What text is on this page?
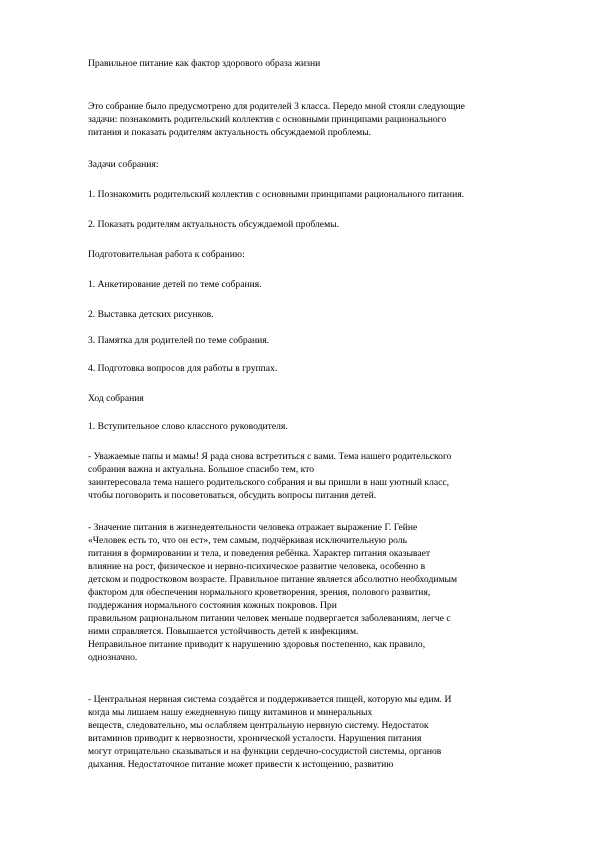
Правильное питание как фактор здорового образа жизни

Это собрание было предусмотрено для родителей 3 класса. Передо мной стояли следующие
задачи: познакомить родительский коллектив с основными принципами рационального
питания и показать родителям актуальность обсуждаемой проблемы.

Задачи собрания:

1. Познакомить родительский коллектив с основными принципами рационального питания.

2. Показать родителям актуальность обсуждаемой проблемы.

Подготовительная работа к собранию:

1. Анкетирование детей по теме собрания.

2. Выставка детских рисунков.

3. Памятка для родителей по теме собрания.

4. Подготовка вопросов для работы в группах.

Ход собрания

1. Вступительное слово классного руководителя.

- Уважаемые папы и мамы! Я рада снова встретиться с вами. Тема нашего родительского
собрания важна и актуальна. Большое спасибо тем, кто
заинтересовала тема нашего родительского собрания и вы пришли в наш уютный класс,
чтобы поговорить и посоветоваться, обсудить вопросы питания детей.

- Значение питания в жизнедеятельности человека отражает выражение Г. Гейне
«Человек есть то, что он ест», тем самым, подчёркивая исключительную роль
питания в формировании и тела, и поведения ребёнка. Характер питания оказывает
влияние на рост, физическое и нервно-психическое развитие человека, особенно в
детском и подростковом возрасте. Правильное питание является абсолютно необходимым
фактором для обеспечения нормального кроветворения, зрения, полового развития,
поддержания нормального состояния кожных покровов. При
правильном рациональном питании человек меньше подвергается заболеваниям, легче с
ними справляется. Повышается устойчивость детей к инфекциям.
Неправильное питание приводит к нарушению здоровья постепенно, как правило,
однозначно.

- Центральная нервная система создаётся и поддерживается пищей, которую мы едим. И
когда мы лишаем нашу ежедневную пищу витаминов и минеральных
веществ, следовательно, мы ослабляем центральную нервную систему. Недостаток
витаминов приводит к нервозности, хронической усталости. Нарушения питания
могут отрицательно сказываться и на функции сердечно-сосудистой системы, органов
дыхания. Недостаточное питание может привести к истощению, развитию
